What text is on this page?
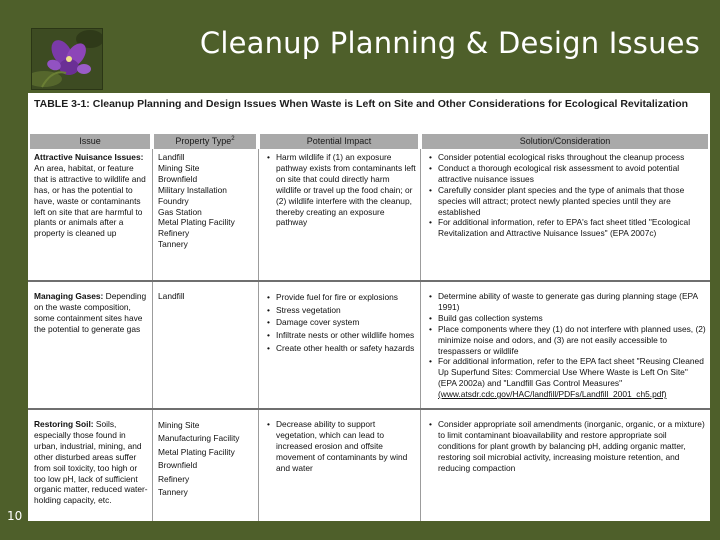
Cleanup Planning & Design Issues
TABLE 3-1: Cleanup Planning and Design Issues When Waste is Left on Site and Other Considerations for Ecological Revitalization
Issue	Property Type$^2$	Potential Impact	Solution/Consideration
Attractive Nuisance Issues: An area, habitat, or feature that is attractive to wildlife and has, or has the potential to have, waste or contaminants left on site that are harmful to plants or animals after a property is cleaned up
Landfill
Mining Site
Brownfield
Military Installation
Foundry
Gas Station
Metal Plating Facility
Refinery
Tannery
• Harm wildlife if (1) an exposure pathway exists from contaminants left on site that could directly harm wildlife or travel up the food chain; or (2) wildlife interfere with the cleanup, thereby creating an exposure pathway
• Consider potential ecological risks throughout the cleanup process
• Conduct a thorough ecological risk assessment to avoid potential attractive nuisance issues
• Carefully consider plant species and the type of animals that those species will attract; protect newly planted species until they are established
• For additional information, refer to EPA's fact sheet titled "Ecological Revitalization and Attractive Nuisance Issues" (EPA 2007c)
Managing Gases: Depending on the waste composition, some containment sites have the potential to generate gas
Landfill
•	Provide fuel for fire or explosions
• Stress vegetation
• Damage cover system
• Infiltrate nests or other wildlife homes
• Create other health or safety hazards
• Determine ability of waste to generate gas during planning stage (EPA 1991)
• Build gas collection systems
• Place components where they (1) do not interfere with planned uses, (2) minimize noise and odors, and (3) are not easily accessible to trespassers or wildlife
• For additional information, refer to the EPA fact sheet "Reusing Cleaned Up Superfund Sites: Commercial Use Where Waste is Left On Site" (EPA 2002a) and "Landfill Gas Control Measures" (www.atsdr.cdc.gov/HAC/landfill/PDFs/Landfill_2001_ch5.pdf)
Restoring Soil: Soils, especially those found in urban, industrial, mining, and other disturbed areas suffer from soil toxicity, too high or too low pH, lack of sufficient organic matter, reduced water-holding capacity, etc.
Mining Site
Manufacturing Facility
Metal Plating Facility
Brownfield
Refinery
Tannery
• Decrease ability to support vegetation, which can lead to increased erosion and offsite movement of contaminants by wind and water
• Consider appropriate soil amendments (inorganic, organic, or a mixture) to limit contaminant bioavailability and restore appropriate soil conditions for plant growth by balancing pH, adding organic matter, restoring soil microbial activity, increasing moisture retention, and reducing compaction
10
